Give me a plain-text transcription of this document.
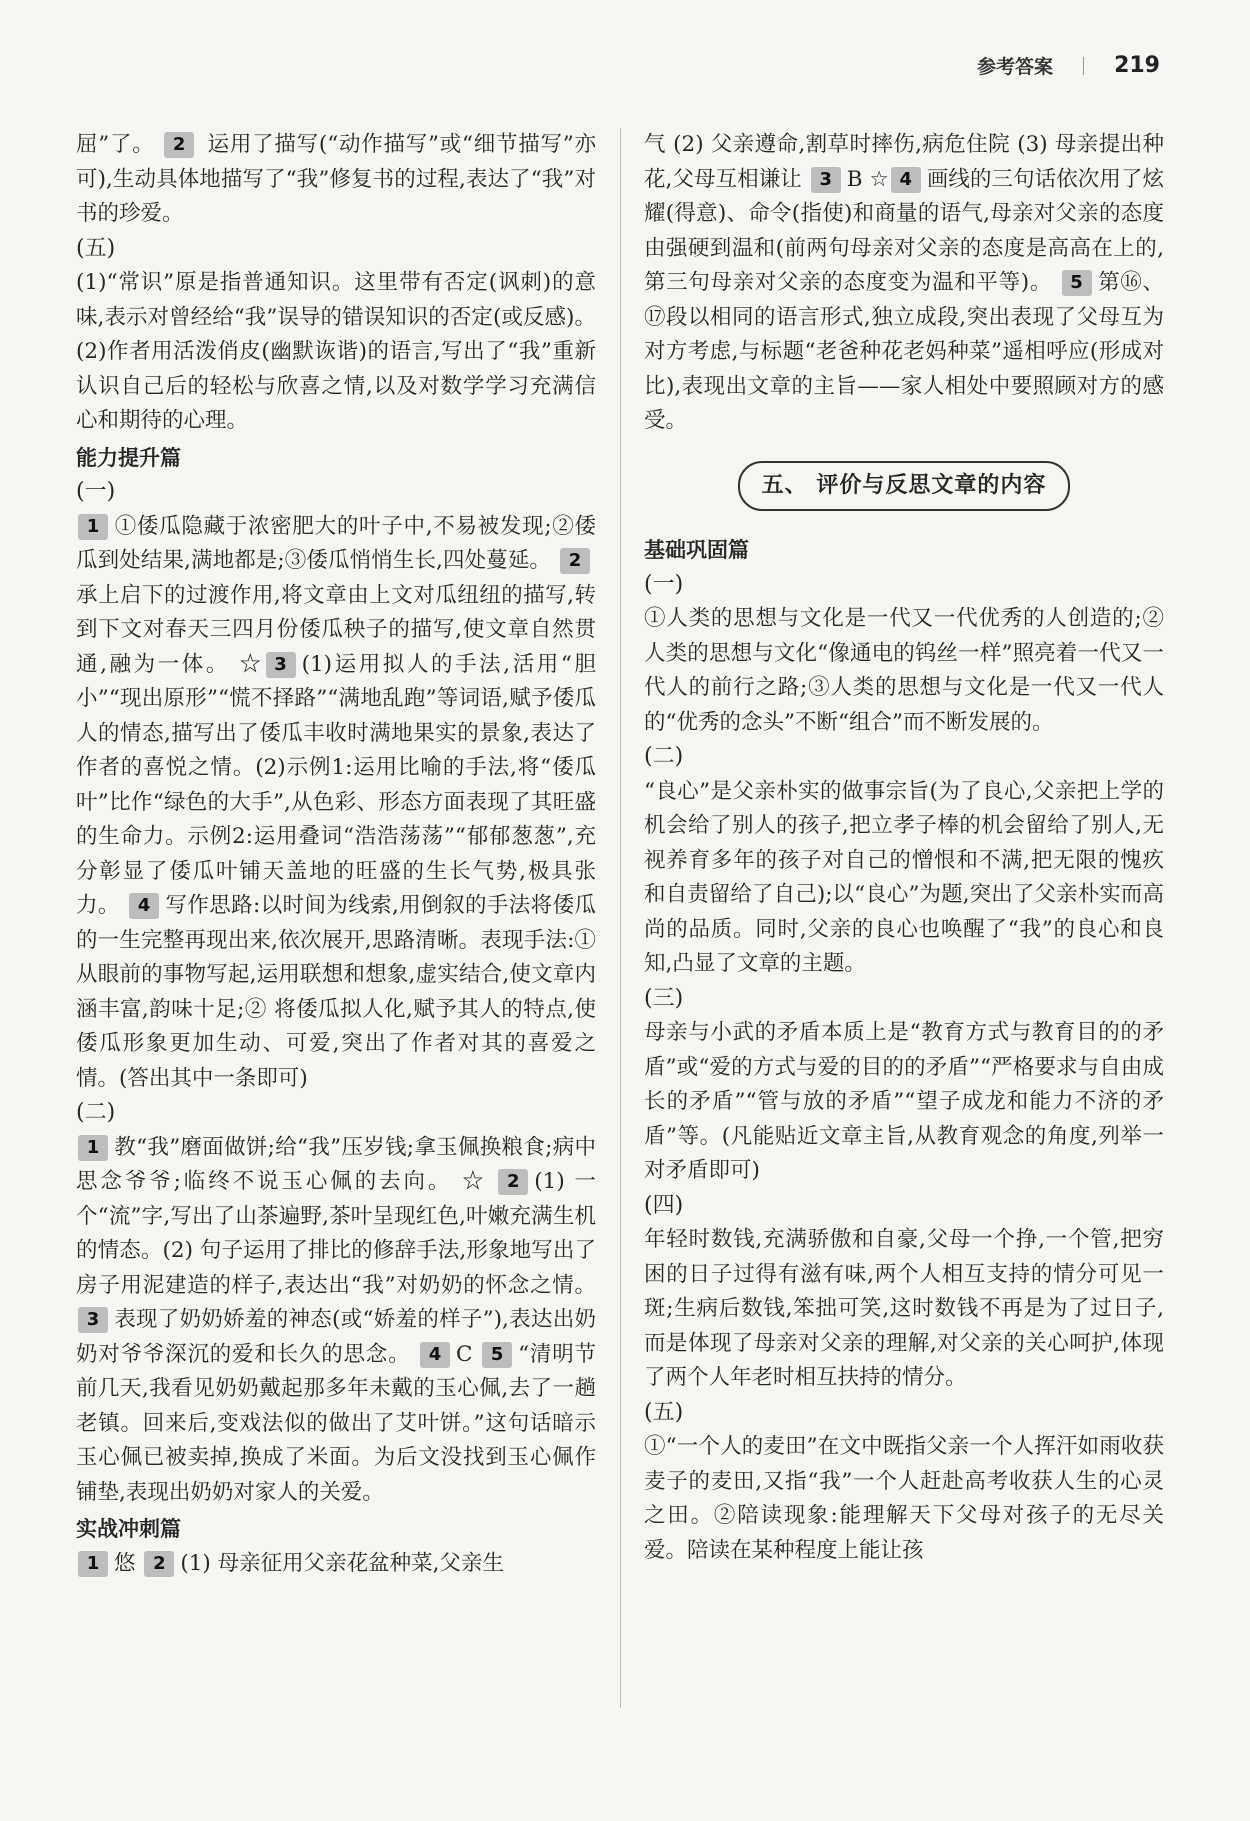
参考答案	219

屈”了。 2 运用了描写(“动作描写”或“细节描写”亦可),生动具体地描写了“我”修复书的过程,表达了“我”对书的珍爱。

(五)

(1)“常识”原是指普通知识。这里带有否定(讽刺)的意味,表示对曾经给“我”误导的错误知识的否定(或反感)。(2)作者用活泼俏皮(幽默诙谐)的语言,写出了“我”重新认识自己后的轻松与欣喜之情,以及对数学学习充满信心和期待的心理。

能力提升篇

(一)

1 ①倭瓜隐藏于浓密肥大的叶子中,不易被发现;②倭瓜到处结果,满地都是;③倭瓜悄悄生长,四处蔓延。 2承上启下的过渡作用,将文章由上文对瓜纽纽的描写,转到下文对春天三四月份倭瓜秧子的描写,使文章自然贯通,融为一体。 ☆ 3 (1)运用拟人的手法,活用“胆小”“现出原形”“慌不择路”“满地乱跑”等词语,赋予倭瓜人的情态,描写出了倭瓜丰收时满地果实的景象,表达了作者的喜悦之情。(2)示例1:运用比喻的手法,将“倭瓜叶”比作“绿色的大手”,从色彩、形态方面表现了其旺盛的生命力。示例2:运用叠词“浩浩荡荡”“郁郁葱葱”,充分彰显了倭瓜叶铺天盖地的旺盛的生长气势,极具张力。 4 写作思路:以时间为线索,用倒叙的手法将倭瓜的一生完整再现出来,依次展开,思路清晰。表现手法:① 从眼前的事物写起,运用联想和想象,虚实结合,使文章内涵丰富,韵味十足;② 将倭瓜拟人化,赋予其人的特点,使倭瓜形象更加生动、可爱,突出了作者对其的喜爱之情。(答出其中一条即可)

(二)

1 教“我”磨面做饼;给“我”压岁钱;拿玉佩换粮食;病中思念爷爷;临终不说玉心佩的去向。 ☆ 2 (1) 一个“流”字,写出了山茶遍野,茶叶呈现红色,叶嫩充满生机的情态。(2) 句子运用了排比的修辞手法,形象地写出了房子用泥建造的样子,表达出“我”对奶奶的怀念之情。 3 表现了奶奶娇羞的神态(或“娇羞的样子”),表达出奶奶对爷爷深沉的爱和长久的思念。 4 C 5 “清明节前几天,我看见奶奶戴起那多年未戴的玉心佩,去了一趟老镇。回来后,变戏法似的做出了艾叶饼。”这句话暗示玉心佩已被卖掉,换成了米面。为后文没找到玉心佩作铺垫,表现出奶奶对家人的关爱。

实战冲刺篇

1 悠 2 (1) 母亲征用父亲花盆种菜,父亲生

气 (2) 父亲遵命,割草时摔伤,病危住院 (3) 母亲提出种花,父母互相谦让 3 B ☆ 4 画线的三句话依次用了炫耀(得意)、命令(指使)和商量的语气,母亲对父亲的态度由强硬到温和(前两句母亲对父亲的态度是高高在上的,第三句母亲对父亲的态度变为温和平等)。 5 第⑯、⑰段以相同的语言形式,独立成段,突出表现了父母互为对方考虑,与标题“老爸种花老妈种菜”遥相呼应(形成对比),表现出文章的主旨——家人相处中要照顾对方的感受。

五、 评价与反思文章的内容

基础巩固篇

(一)

①人类的思想与文化是一代又一代优秀的人创造的;②人类的思想与文化“像通电的钨丝一样”照亮着一代又一代人的前行之路;③人类的思想与文化是一代又一代人的“优秀的念头”不断“组合”而不断发展的。

(二)

“良心”是父亲朴实的做事宗旨(为了良心,父亲把上学的机会给了别人的孩子,把立孝子棒的机会留给了别人,无视养育多年的孩子对自己的憎恨和不满,把无限的愧疚和自责留给了自己);以“良心”为题,突出了父亲朴实而高尚的品质。同时,父亲的良心也唤醒了“我”的良心和良知,凸显了文章的主题。

(三)

母亲与小武的矛盾本质上是“教育方式与教育目的的矛盾”或“爱的方式与爱的目的的矛盾”“严格要求与自由成长的矛盾”“管与放的矛盾”“望子成龙和能力不济的矛盾”等。(凡能贴近文章主旨,从教育观念的角度,列举一对矛盾即可)

(四)

年轻时数钱,充满骄傲和自豪,父母一个挣,一个管,把穷困的日子过得有滋有味,两个人相互支持的情分可见一斑;生病后数钱,笨拙可笑,这时数钱不再是为了过日子,而是体现了母亲对父亲的理解,对父亲的关心呵护,体现了两个人年老时相互扶持的情分。

(五)

①“一个人的麦田”在文中既指父亲一个人挥汗如雨收获麦子的麦田,又指“我”一个人赶赴高考收获人生的心灵之田。②陪读现象:能理解天下父母对孩子的无尽关爱。陪读在某种程度上能让孩
